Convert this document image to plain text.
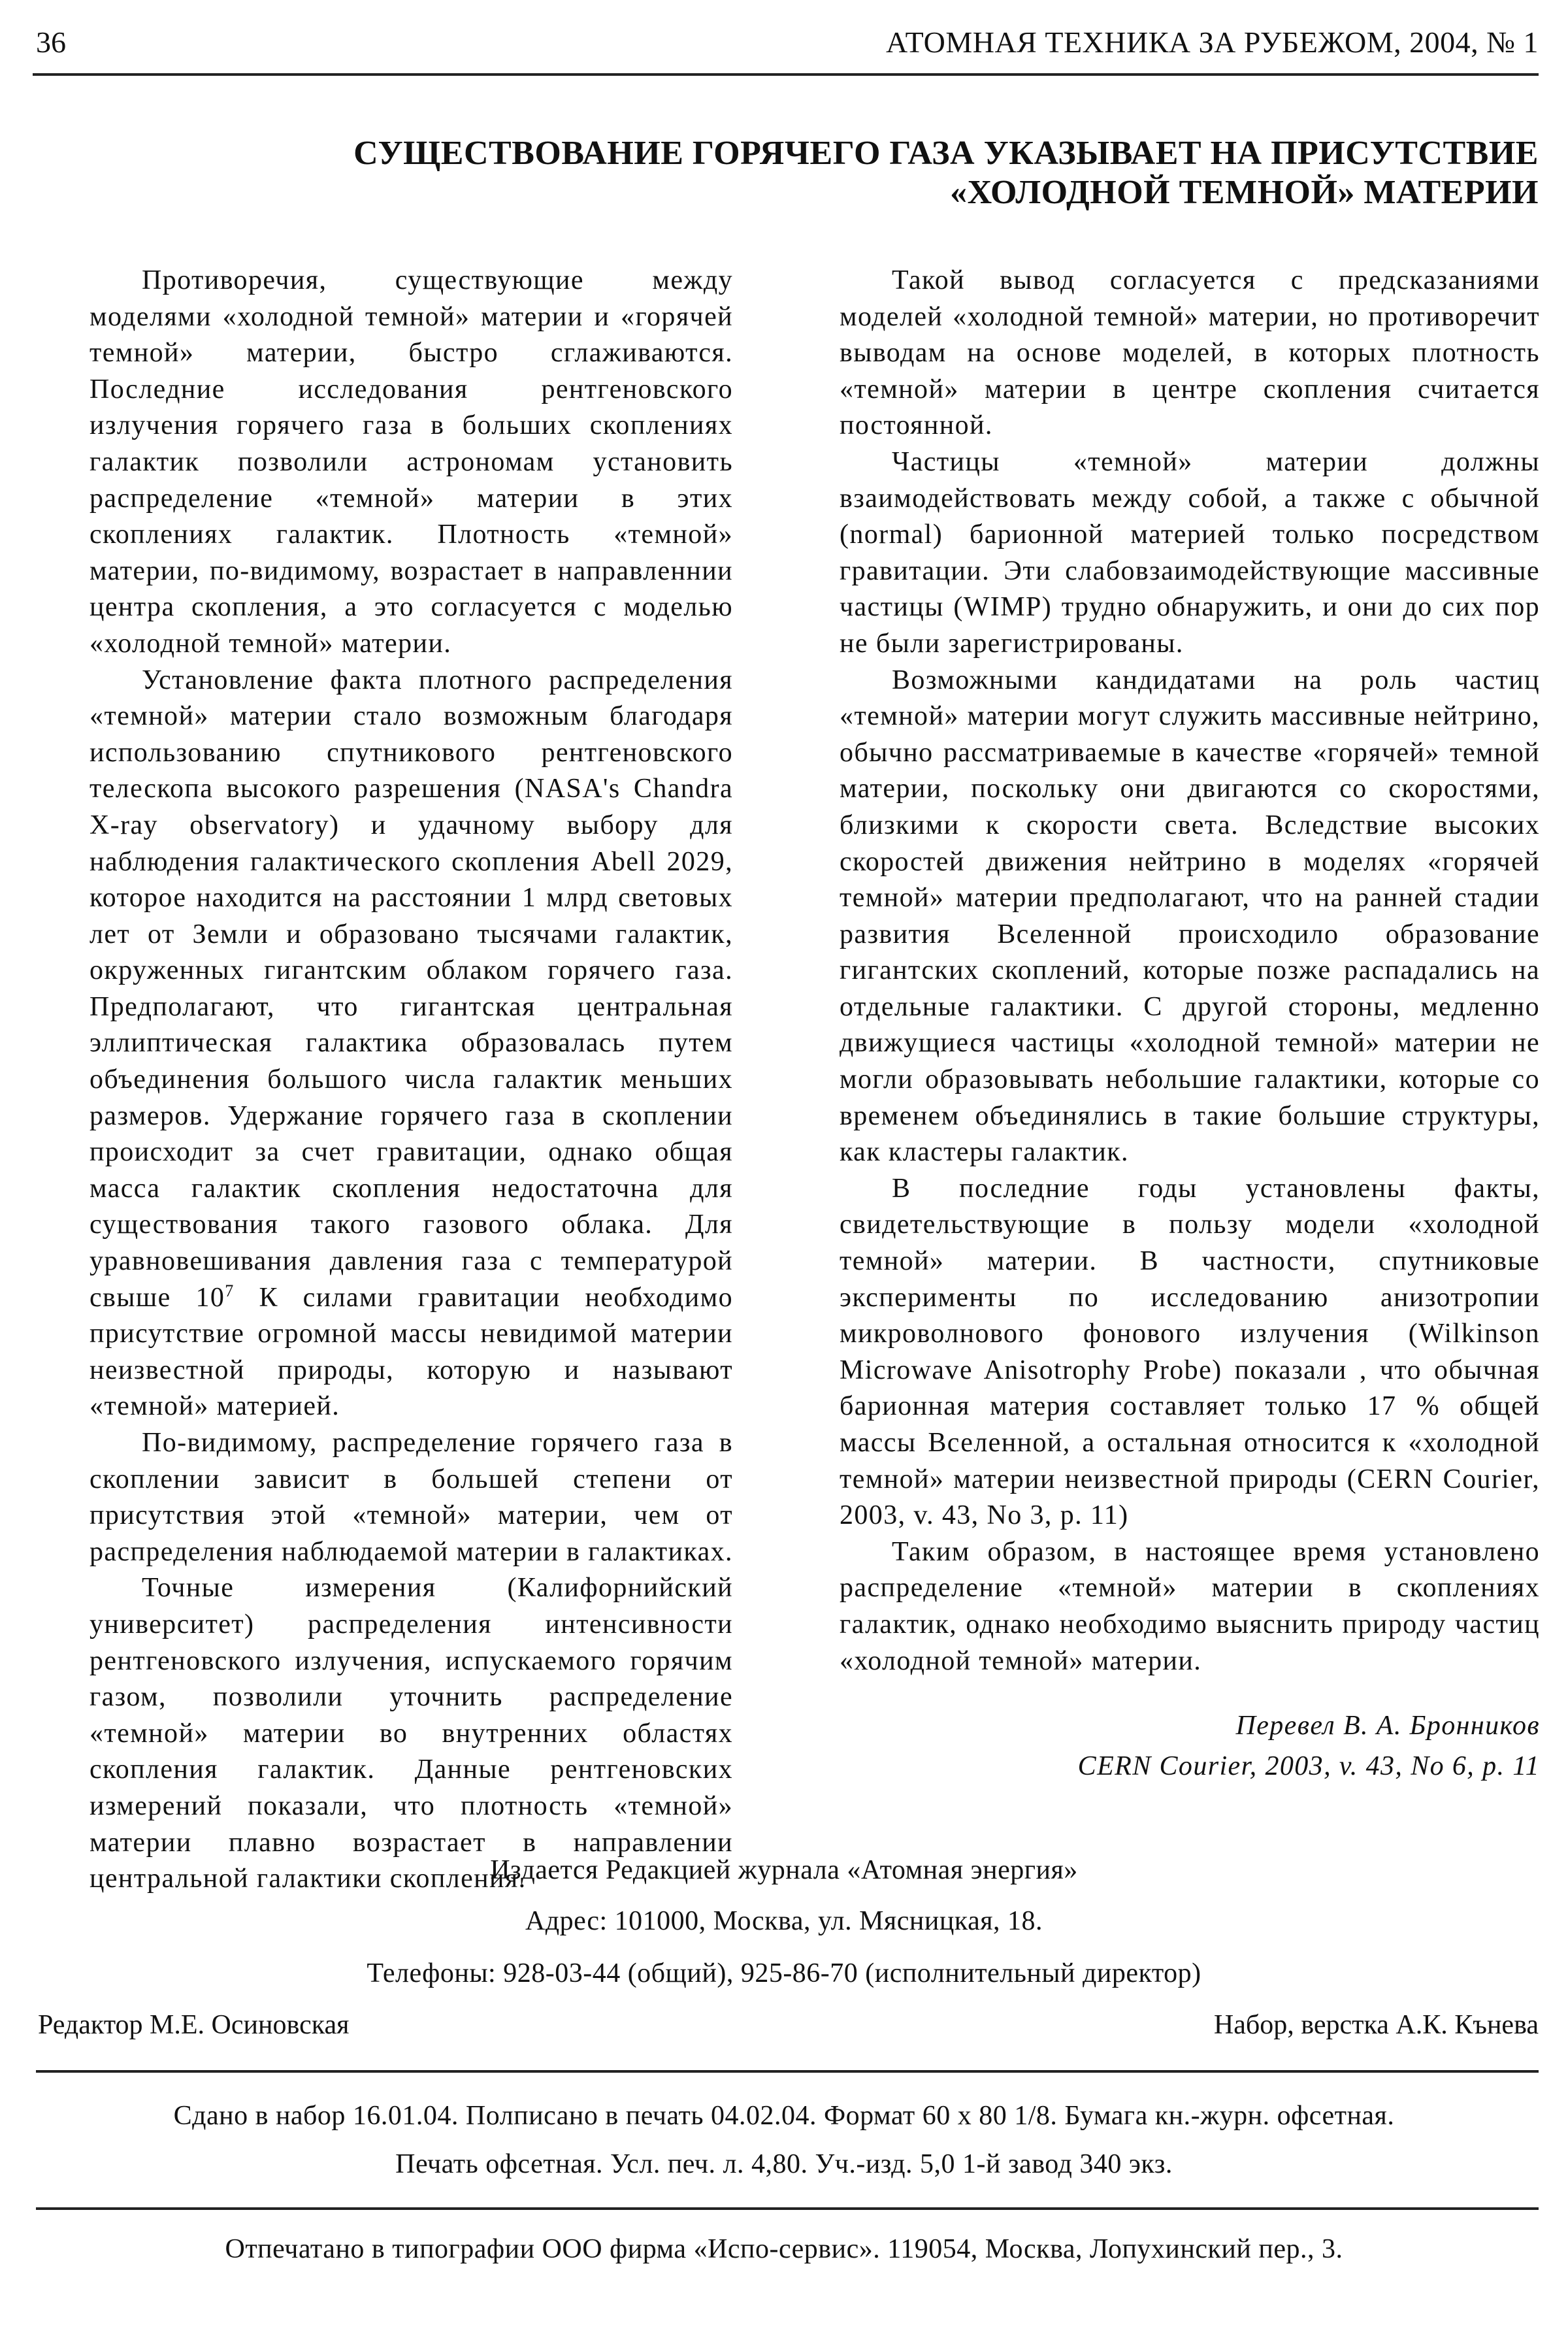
36	АТОМНАЯ ТЕХНИКА ЗА РУБЕЖОМ, 2004, № 1
СУЩЕСТВОВАНИЕ ГОРЯЧЕГО ГАЗА УКАЗЫВАЕТ НА ПРИСУТСТВИЕ
«ХОЛОДНОЙ ТЕМНОЙ» МАТЕРИИ

Противоречия, существующие между моделями «холодной темной» материи и «горячей темной» материи, быстро сглаживаются. Последние исследования рентгеновского излучения горячего газа в больших скоплениях галактик позволили астрономам установить распределение «темной» материи в этих скоплениях галактик. Плотность «темной» материи, по-видимому, возрастает в направленнии центра скопления, а это согласуется с моделью «холодной темной» материи.

Установление факта плотного распределения «темной» материи стало возможным благодаря использованию спутникового рентгеновского телескопа высокого разрешения (NASA's Chandra X-ray observatory) и удачному выбору для наблюдения галактического скопления Abell 2029, которое находится на расстоянии 1 млрд световых лет от Земли и образовано тысячами галактик, окруженных гигантским облаком горячего газа. Предполагают, что гигантская центральная эллиптическая галактика образовалась путем объединения большого числа галактик меньших размеров. Удержание горячего газа в скоплении происходит за счет гравитации, однако общая масса галактик скопления недостаточна для существования такого газового облака. Для уравновешивания давления газа с температурой свыше $10^7$ К силами гравитации необходимо присутствие огромной массы невидимой материи неизвестной природы, которую и называют «темной» материей.

По-видимому, распределение горячего газа в скоплении зависит в большей степени от присутствия этой «темной» материи, чем от распределения наблюдаемой материи в галактиках.

Точные измерения (Калифорнийский университет) распределения интенсивности рентгеновского излучения, испускаемого горячим газом, позволили уточнить распределение «темной» материи во внутренних областях скопления галактик. Данные рентгеновских измерений показали, что плотность «темной» материи плавно возрастает в направлении центральной галактики скопления.

Такой вывод согласуется с предсказаниями моделей «холодной темной» материи, но противоречит выводам на основе моделей, в которых плотность «темной» материи в центре скопления считается постоянной.

Частицы «темной» материи должны взаимодействовать между собой, а также с обычной (normal) барионной материей только посредством гравитации. Эти слабовзаимодействующие массивные частицы (WIMP) трудно обнаружить, и они до сих пор не были зарегистрированы.

Возможными кандидатами на роль частиц «темной» материи могут служить массивные нейтрино, обычно рассматриваемые в качестве «горячей» темной материи, поскольку они двигаются со скоростями, близкими к скорости света. Вследствие высоких скоростей движения нейтрино в моделях «горячей темной» материи предполагают, что на ранней стадии развития Вселенной происходило образование гигантских скоплений, которые позже распадались на отдельные галактики. С другой стороны, медленно движущиеся частицы «холодной темной» материи не могли образовывать небольшие галактики, которые со временем объединялись в такие большие структуры, как кластеры галактик.

В последние годы установлены факты, свидетельствующие в пользу модели «холодной темной» материи. В частности, спутниковые эксперименты по исследованию анизотропии микроволнового фонового излучения (Wilkinson Microwave Anisotrophy Probe) показали , что обычная барионная материя составляет только 17 % общей массы Вселенной, а остальная относится к «холодной темной» материи неизвестной природы (CERN Courier, 2003, v. 43, No 3, p. 11)

Таким образом, в настоящее время установлено распределение «темной» материи в скоплениях галактик, однако необходимо выяснить природу частиц «холодной темной» материи.

Перевел В. А. Бронников
CERN Courier, 2003, v. 43, No 6, p. 11
Издается Редакцией журнала «Атомная энергия»
Адрес: 101000, Москва, ул. Мясницкая, 18.
Телефоны: 928-03-44 (общий), 925-86-70 (исполнительный директор)
Редактор М.Е. Осиновская	Набор, верстка А.К. Кънева
Сдано в набор 16.01.04. Полписано в печать 04.02.04. Формат 60 x 80 1/8. Бумага кн.-журн. офсетная.
Печать офсетная. Усл. печ. л. 4,80. Уч.-изд. 5,0 1-й завод 340 экз.
Отпечатано в типографии ООО фирма «Испо-сервис». 119054, Москва, Лопухинский пер., 3.
